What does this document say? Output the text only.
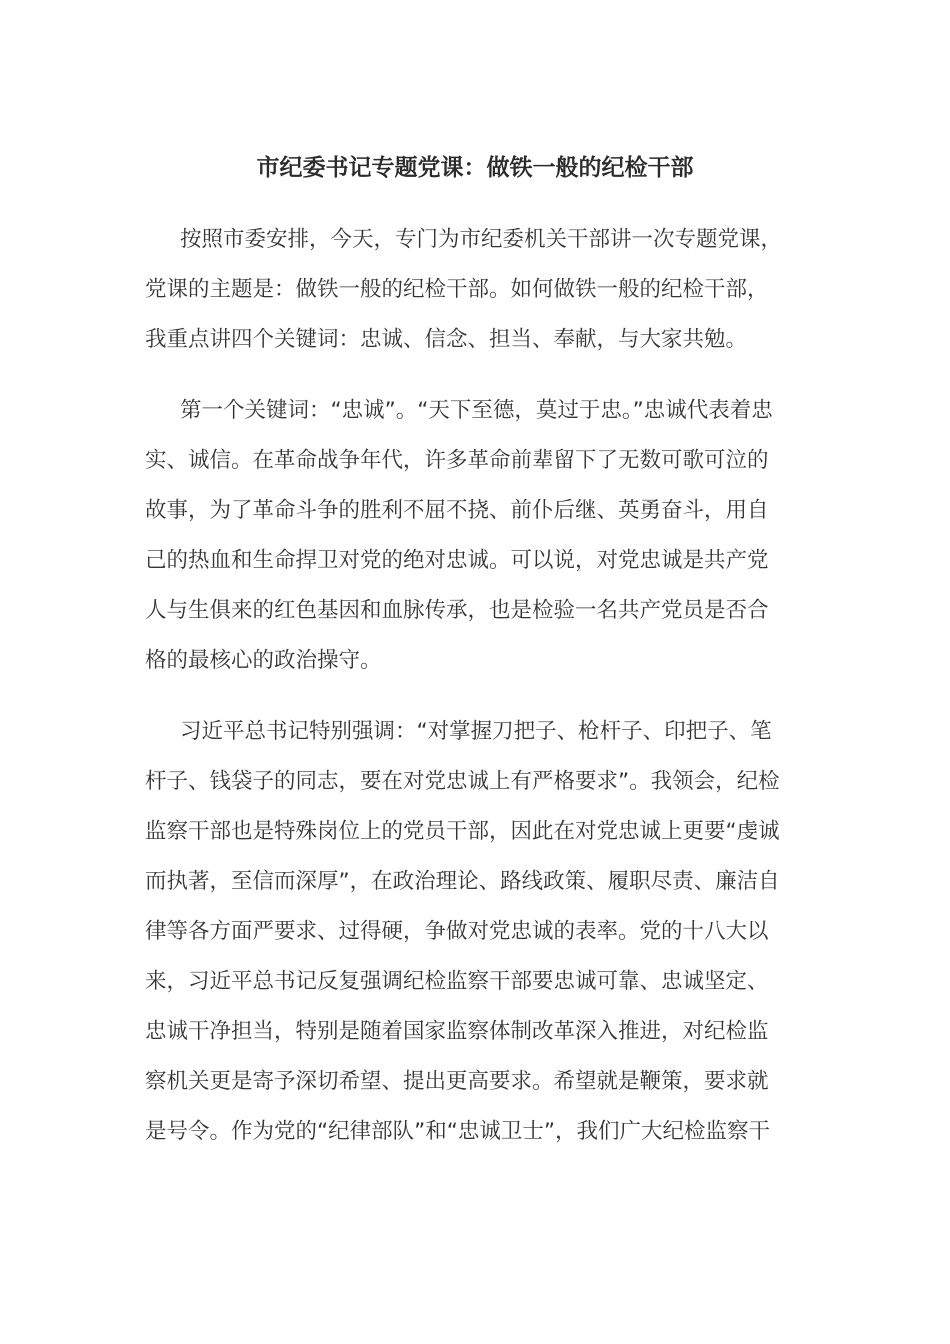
市纪委书记专题党课：做铁一般的纪检干部
按照市委安排，今天，专门为市纪委机关干部讲一次专题党课，
党课的主题是：做铁一般的纪检干部。如何做铁一般的纪检干部，
我重点讲四个关键词：忠诚、信念、担当、奉献，与大家共勉。
第一个关键词：“忠诚”。“天下至德，莫过于忠。”忠诚代表着忠
实、诚信。在革命战争年代，许多革命前辈留下了无数可歌可泣的
故事，为了革命斗争的胜利不屈不挠、前仆后继、英勇奋斗，用自
己的热血和生命捍卫对党的绝对忠诚。可以说，对党忠诚是共产党
人与生俱来的红色基因和血脉传承，也是检验一名共产党员是否合
格的最核心的政治操守。
习近平总书记特别强调：“对掌握刀把子、枪杆子、印把子、笔
杆子、钱袋子的同志，要在对党忠诚上有严格要求”。我领会，纪检
监察干部也是特殊岗位上的党员干部，因此在对党忠诚上更要“虔诚
而执著，至信而深厚”，在政治理论、路线政策、履职尽责、廉洁自
律等各方面严要求、过得硬，争做对党忠诚的表率。党的十八大以
来，习近平总书记反复强调纪检监察干部要忠诚可靠、忠诚坚定、
忠诚干净担当，特别是随着国家监察体制改革深入推进，对纪检监
察机关更是寄予深切希望、提出更高要求。希望就是鞭策，要求就
是号令。作为党的“纪律部队”和“忠诚卫士”，我们广大纪检监察干
